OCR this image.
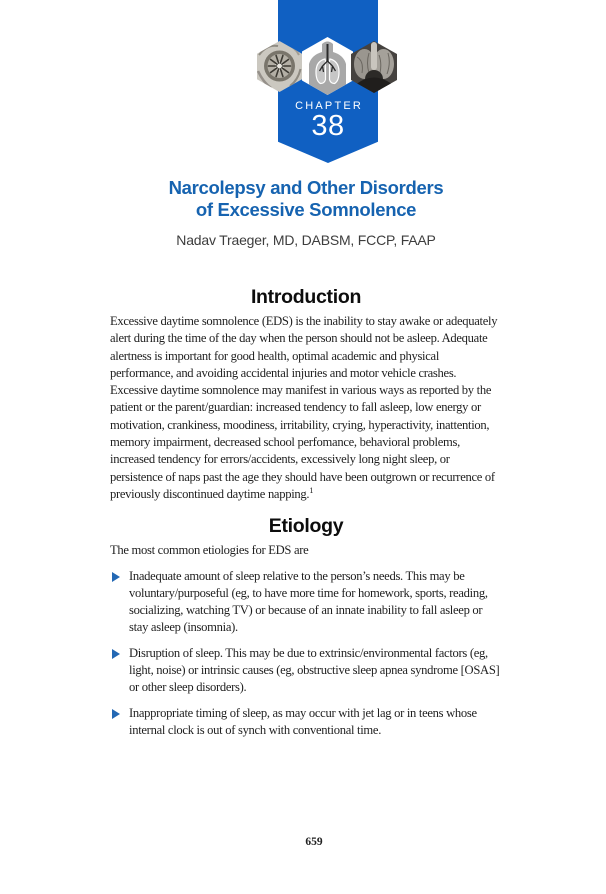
CHAPTER
38
Narcolepsy and Other Disorders
of Excessive Somnolence
Nadav Traeger, MD, DABSM, FCCP, FAAP
Introduction

Excessive daytime somnolence (EDS) is the inability to stay awake or adequately alert during the time of the day when the person should not be asleep. Adequate alertness is important for good health, optimal academic and physical performance, and avoiding accidental injuries and motor vehicle crashes. Excessive daytime somnolence may manifest in various ways as reported by the patient or the parent/guardian: increased tendency to fall asleep, low energy or motivation, crankiness, moodiness, irritability, crying, hyperactivity, inattention, memory impairment, decreased school perfomance, behavioral problems, increased tendency for errors/accidents, excessively long night sleep, or persistence of naps past the age they should have been outgrown or recurrence of previously discontinued daytime napping.$^1$

Etiology

The most common etiologies for EDS are

Inadequate amount of sleep relative to the person’s needs. This may be voluntary/purposeful (eg, to have more time for homework, sports, reading, socializing, watching TV) or because of an innate inability to fall asleep or stay asleep (insomnia).
Disruption of sleep. This may be due to extrinsic/environmental factors (eg, light, noise) or intrinsic causes (eg, obstructive sleep apnea syndrome [OSAS] or other sleep disorders).
Inappropriate timing of sleep, as may occur with jet lag or in teens whose internal clock is out of synch with conventional time.
659
